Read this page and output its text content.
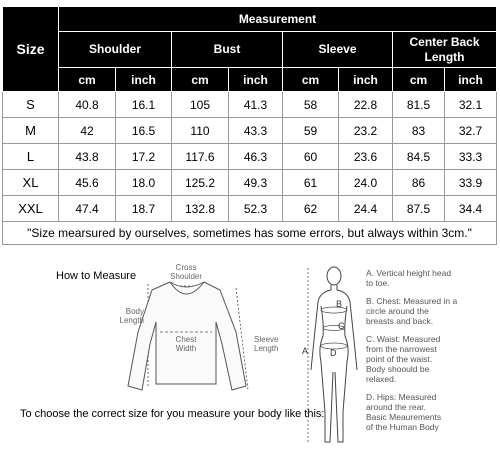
Size	Measurement							
	Shoulder		Bust		Sleeve		Center Back Length	
	cm	inch	cm	inch	cm	inch	cm	inch
S	40.8	16.1	105	41.3	58	22.8	81.5	32.1
M	42	16.5	110	43.3	59	23.2	83	32.7
L	43.8	17.2	117.6	46.3	60	23.6	84.5	33.3
XL	45.6	18.0	125.2	49.3	61	24.0	86	33.9
XXL	47.4	18.7	132.8	52.3	62	24.4	87.5	34.4
"Size mearsured by ourselves, sometimes has some errors, but always within 3cm."								
How to Measure
Cross
Shoulder
Body
Length
Chest
Width
Sleeve
Length
To choose the correct size for you measure your body like this:
A
B
C
D
A. Vertical height head
to toe.
B. Chest: Measured in a
circle around the
breasts and back.
C. Waist: Measured
from the narrowest
point of the waist.
Body shoould be
relaxed.
D. Hips: Measured
around the rear.
Basic Meaurements
of the Human Body
